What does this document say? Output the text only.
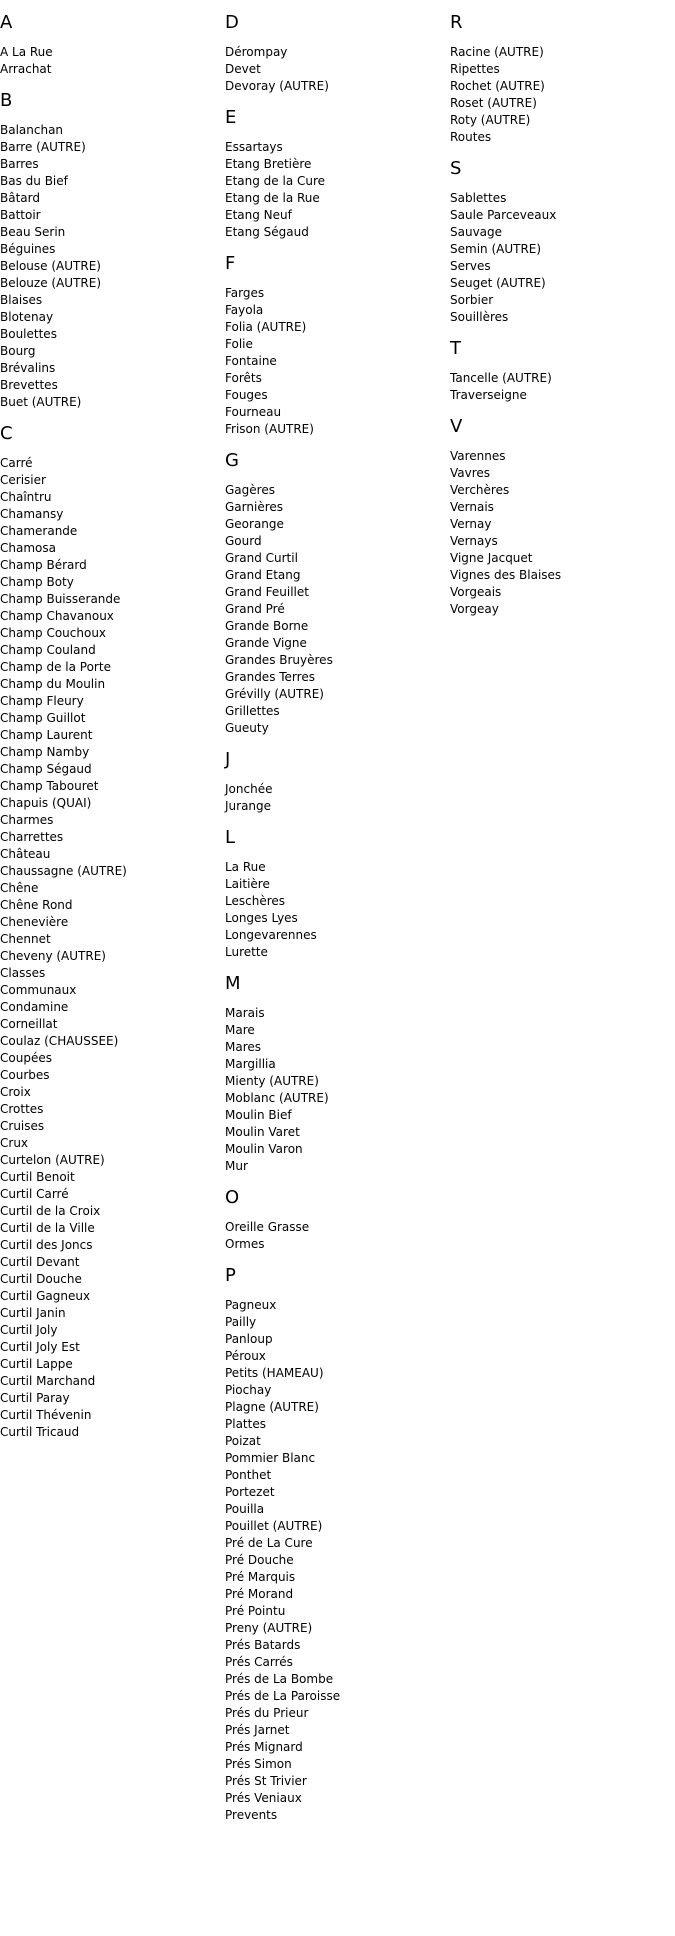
A
A La Rue
Arrachat
B
Balanchan
Barre (AUTRE)
Barres
Bas du Bief
Bâtard
Battoir
Beau Serin
Béguines
Belouse (AUTRE)
Belouze (AUTRE)
Blaises
Blotenay
Boulettes
Bourg
Brévalins
Brevettes
Buet (AUTRE)
C
Carré
Cerisier
Chaîntru
Chamansy
Chamerande
Chamosa
Champ Bérard
Champ Boty
Champ Buisserande
Champ Chavanoux
Champ Couchoux
Champ Couland
Champ de la Porte
Champ du Moulin
Champ Fleury
Champ Guillot
Champ Laurent
Champ Namby
Champ Ségaud
Champ Tabouret
Chapuis (QUAI)
Charmes
Charrettes
Château
Chaussagne (AUTRE)
Chêne
Chêne Rond
Chenevière
Chennet
Cheveny (AUTRE)
Classes
Communaux
Condamine
Corneillat
Coulaz (CHAUSSEE)
Coupées
Courbes
Croix
Crottes
Cruises
Crux
Curtelon (AUTRE)
Curtil Benoit
Curtil Carré
Curtil de la Croix
Curtil de la Ville
Curtil des Joncs
Curtil Devant
Curtil Douche
Curtil Gagneux
Curtil Janin
Curtil Joly
Curtil Joly Est
Curtil Lappe
Curtil Marchand
Curtil Paray
Curtil Thévenin
Curtil Tricaud
D
Dérompay
Devet
Devoray (AUTRE)
E
Essartays
Etang Bretière
Etang de la Cure
Etang de la Rue
Etang Neuf
Etang Ségaud
F
Farges
Fayola
Folia (AUTRE)
Folie
Fontaine
Forêts
Fouges
Fourneau
Frison (AUTRE)
G
Gagères
Garnières
Georange
Gourd
Grand Curtil
Grand Etang
Grand Feuillet
Grand Pré
Grande Borne
Grande Vigne
Grandes Bruyères
Grandes Terres
Grévilly (AUTRE)
Grillettes
Gueuty
J
Jonchée
Jurange
L
La Rue
Laitière
Leschères
Longes Lyes
Longevarennes
Lurette
M
Marais
Mare
Mares
Margillia
Mienty (AUTRE)
Moblanc (AUTRE)
Moulin Bief
Moulin Varet
Moulin Varon
Mur
O
Oreille Grasse
Ormes
P
Pagneux
Pailly
Panloup
Péroux
Petits (HAMEAU)
Piochay
Plagne (AUTRE)
Plattes
Poizat
Pommier Blanc
Ponthet
Portezet
Pouilla
Pouillet (AUTRE)
Pré de La Cure
Pré Douche
Pré Marquis
Pré Morand
Pré Pointu
Preny (AUTRE)
Prés Batards
Prés Carrés
Prés de La Bombe
Prés de La Paroisse
Prés du Prieur
Prés Jarnet
Prés Mignard
Prés Simon
Prés St Trivier
Prés Veniaux
Prevents
R
Racine (AUTRE)
Ripettes
Rochet (AUTRE)
Roset (AUTRE)
Roty (AUTRE)
Routes
S
Sablettes
Saule Parceveaux
Sauvage
Semin (AUTRE)
Serves
Seuget (AUTRE)
Sorbier
Souillères
T
Tancelle (AUTRE)
Traverseigne
V
Varennes
Vavres
Verchères
Vernais
Vernay
Vernays
Vigne Jacquet
Vignes des Blaises
Vorgeais
Vorgeay
